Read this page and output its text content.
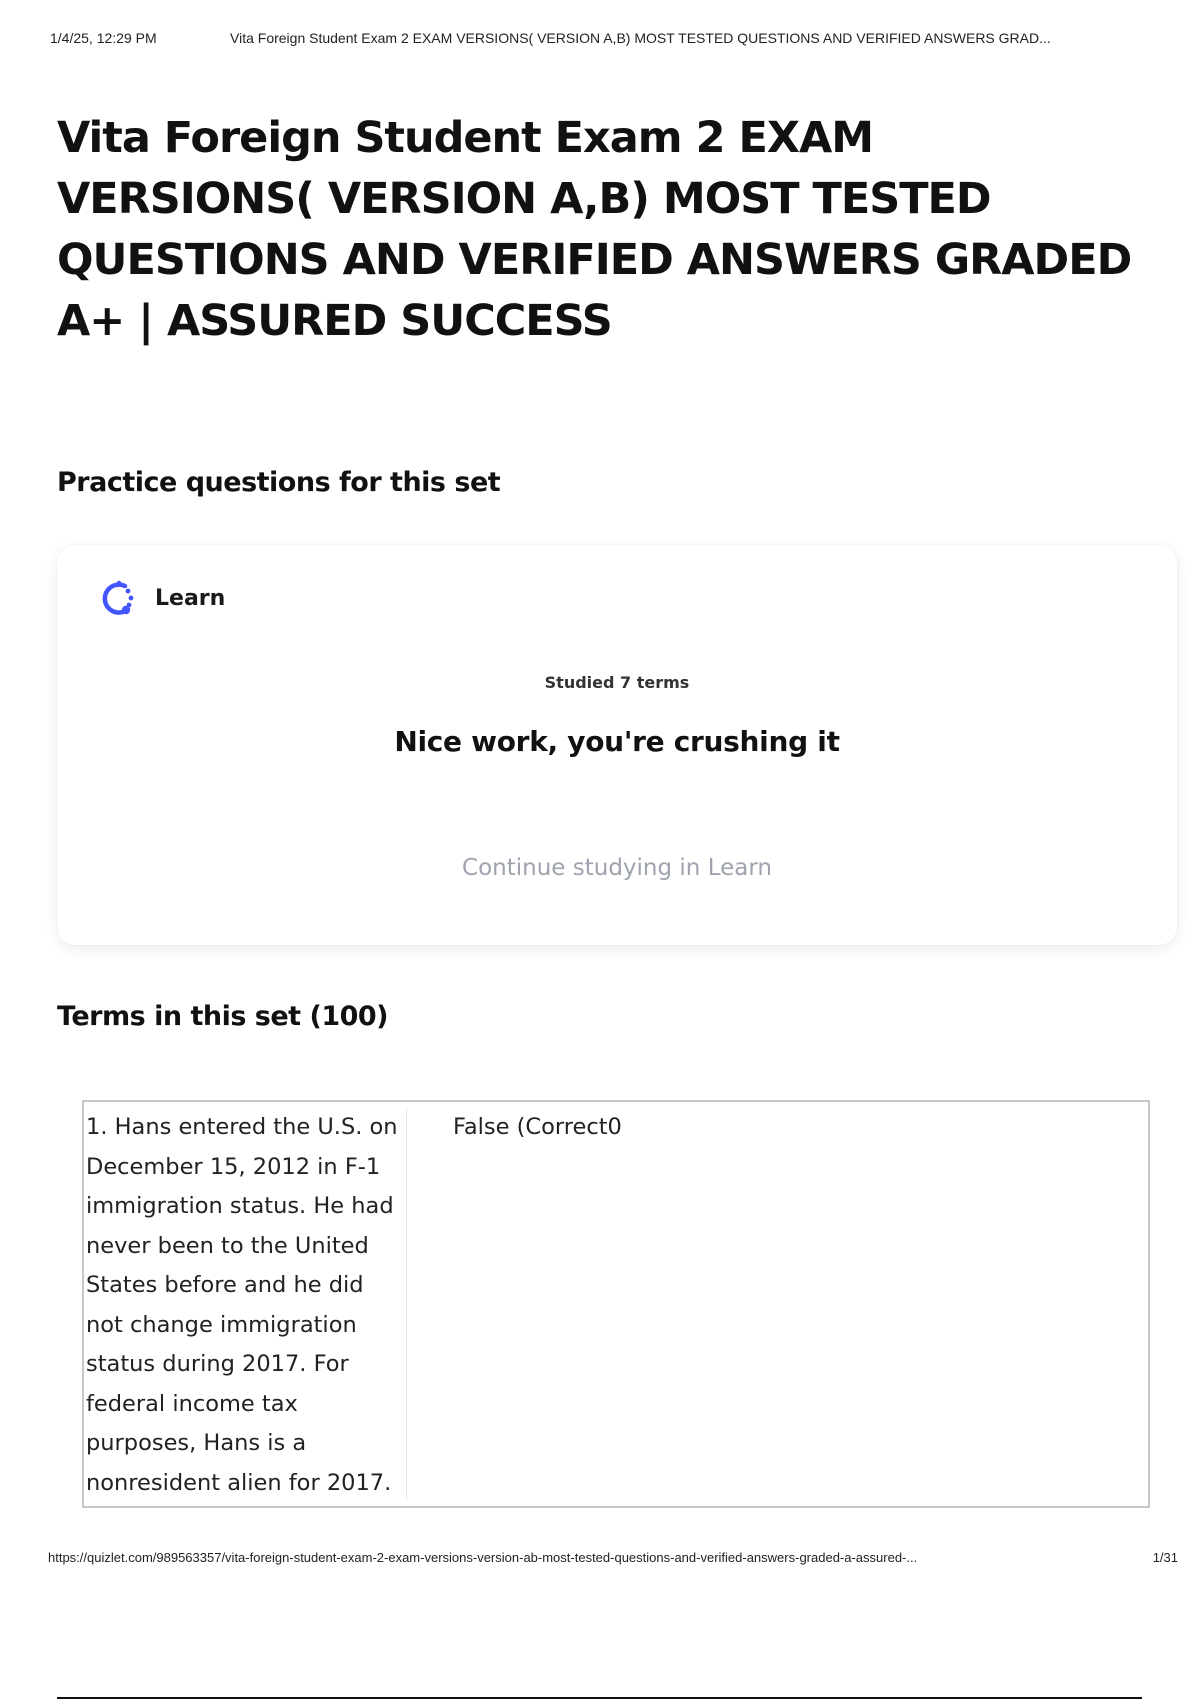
1/4/25, 12:29 PM	Vita Foreign Student Exam 2 EXAM VERSIONS( VERSION A,B) MOST TESTED QUESTIONS AND VERIFIED ANSWERS GRAD...
Vita Foreign Student Exam 2 EXAM VERSIONS( VERSION A,B) MOST TESTED QUESTIONS AND VERIFIED ANSWERS GRADED A+ | ASSURED SUCCESS
Practice questions for this set
Learn
Studied 7 terms
Nice work, you're crushing it
Continue studying in Learn
Terms in this set (100)
1. Hans entered the U.S. on December 15, 2012 in F-1 immigration status. He had never been to the United States before and he did not change immigration status during 2017. For federal income tax purposes, Hans is a nonresident alien for 2017.
False (Correct0
https://quizlet.com/989563357/vita-foreign-student-exam-2-exam-versions-version-ab-most-tested-questions-and-verified-answers-graded-a-assured-...	1/31
